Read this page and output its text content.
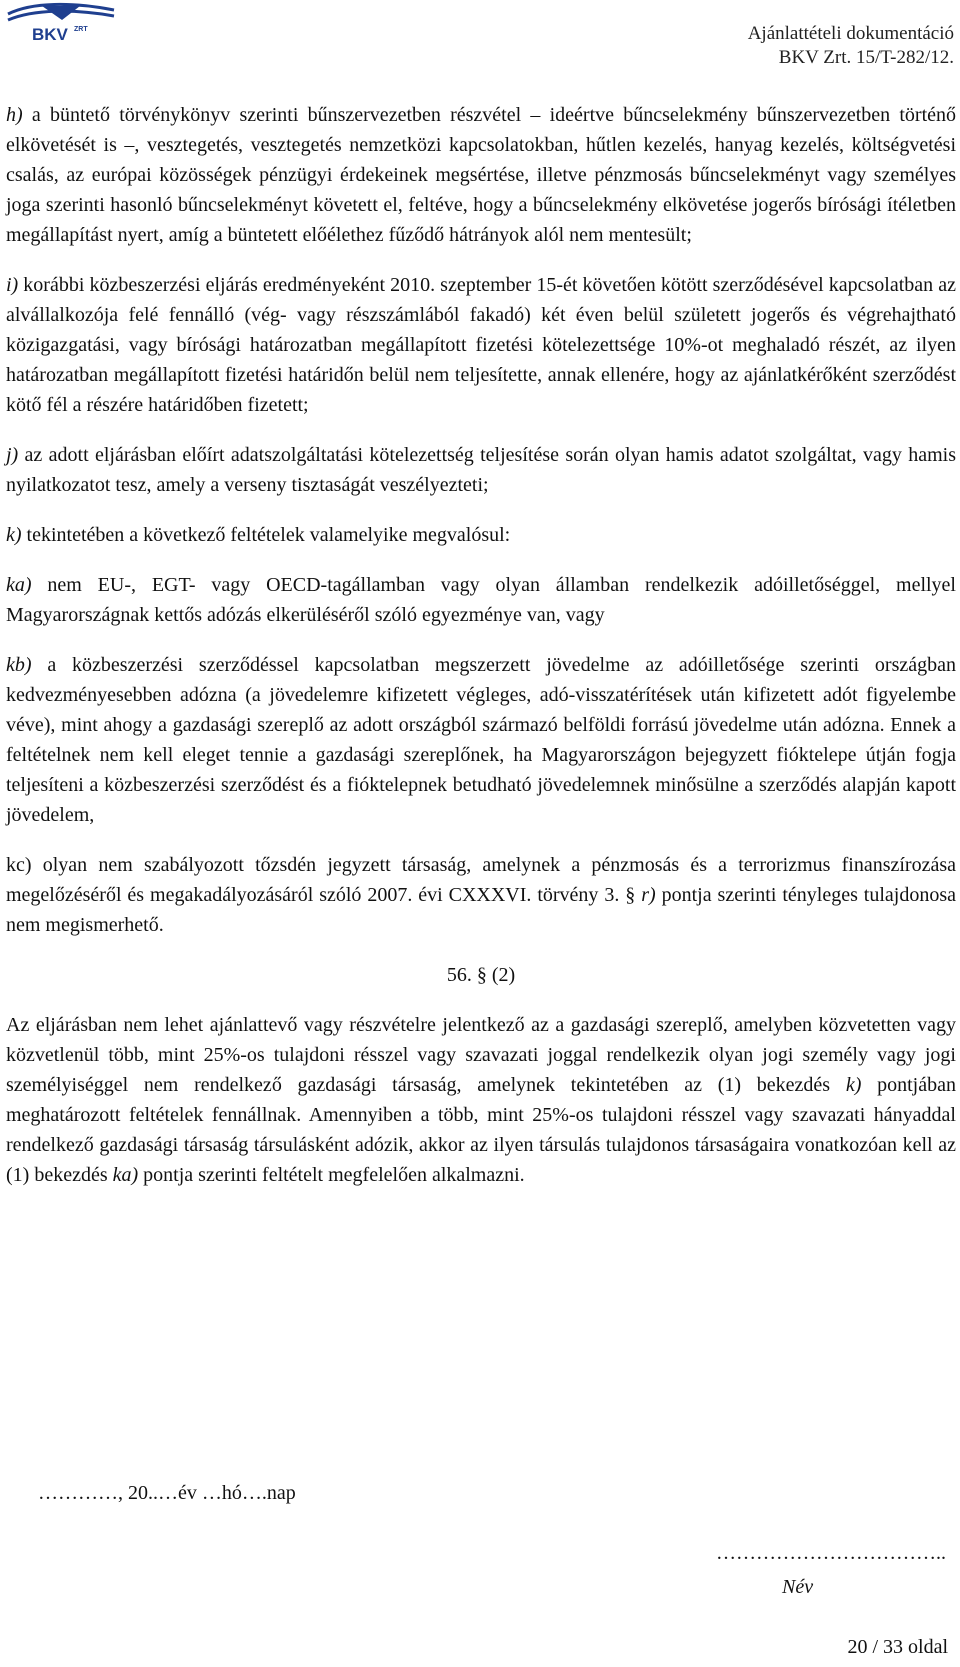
BKV ZRT	Ajánlattételi dokumentáció
BKV Zrt. 15/T-282/12.

h) a büntető törvénykönyv szerinti bűnszervezetben részvétel – ideértve bűncselekmény bűnszervezetben történő elkövetését is –, vesztegetés, vesztegetés nemzetközi kapcsolatokban, hűtlen kezelés, hanyag kezelés, költségvetési csalás, az európai közösségek pénzügyi érdekeinek megsértése, illetve pénzmosás bűncselekményt vagy személyes joga szerinti hasonló bűncselekményt követett el, feltéve, hogy a bűncselekmény elkövetése jogerős bírósági ítéletben megállapítást nyert, amíg a büntetett előélethez fűződő hátrányok alól nem mentesült;

i) korábbi közbeszerzési eljárás eredményeként 2010. szeptember 15-ét követően kötött szerződésével kapcsolatban az alvállalkozója felé fennálló (vég- vagy részszámlából fakadó) két éven belül született jogerős és végrehajtható közigazgatási, vagy bírósági határozatban megállapított fizetési kötelezettsége 10%-ot meghaladó részét, az ilyen határozatban megállapított fizetési határidőn belül nem teljesítette, annak ellenére, hogy az ajánlatkérőként szerződést kötő fél a részére határidőben fizetett;

j) az adott eljárásban előírt adatszolgáltatási kötelezettség teljesítése során olyan hamis adatot szolgáltat, vagy hamis nyilatkozatot tesz, amely a verseny tisztaságát veszélyezteti;

k) tekintetében a következő feltételek valamelyike megvalósul:

ka) nem EU-, EGT- vagy OECD-tagállamban vagy olyan államban rendelkezik adóilletőséggel, mellyel Magyarországnak kettős adózás elkerüléséről szóló egyezménye van, vagy

kb) a közbeszerzési szerződéssel kapcsolatban megszerzett jövedelme az adóilletősége szerinti országban kedvezményesebben adózna (a jövedelemre kifizetett végleges, adó-visszatérítések után kifizetett adót figyelembe véve), mint ahogy a gazdasági szereplő az adott országból származó belföldi forrású jövedelme után adózna. Ennek a feltételnek nem kell eleget tennie a gazdasági szereplőnek, ha Magyarországon bejegyzett fióktelepe útján fogja teljesíteni a közbeszerzési szerződést és a fióktelepnek betudható jövedelemnek minősülne a szerződés alapján kapott jövedelem,

kc) olyan nem szabályozott tőzsdén jegyzett társaság, amelynek a pénzmosás és a terrorizmus finanszírozása megelőzéséről és megakadályozásáról szóló 2007. évi CXXXVI. törvény 3. § r) pontja szerinti tényleges tulajdonosa nem megismerhető.

56. § (2)

Az eljárásban nem lehet ajánlattevő vagy részvételre jelentkező az a gazdasági szereplő, amelyben közvetetten vagy közvetlenül több, mint 25%-os tulajdoni résszel vagy szavazati joggal rendelkezik olyan jogi személy vagy jogi személyiséggel nem rendelkező gazdasági társaság, amelynek tekintetében az (1) bekezdés k) pontjában meghatározott feltételek fennállnak. Amennyiben a több, mint 25%-os tulajdoni résszel vagy szavazati hányaddal rendelkező gazdasági társaság társulásként adózik, akkor az ilyen társulás tulajdonos társaságaira vonatkozóan kell az (1) bekezdés ka) pontja szerinti feltételt megfelelően alkalmazni.

…………, 20..…év …hó….nap
……………………………..
Név
20 / 33 oldal
